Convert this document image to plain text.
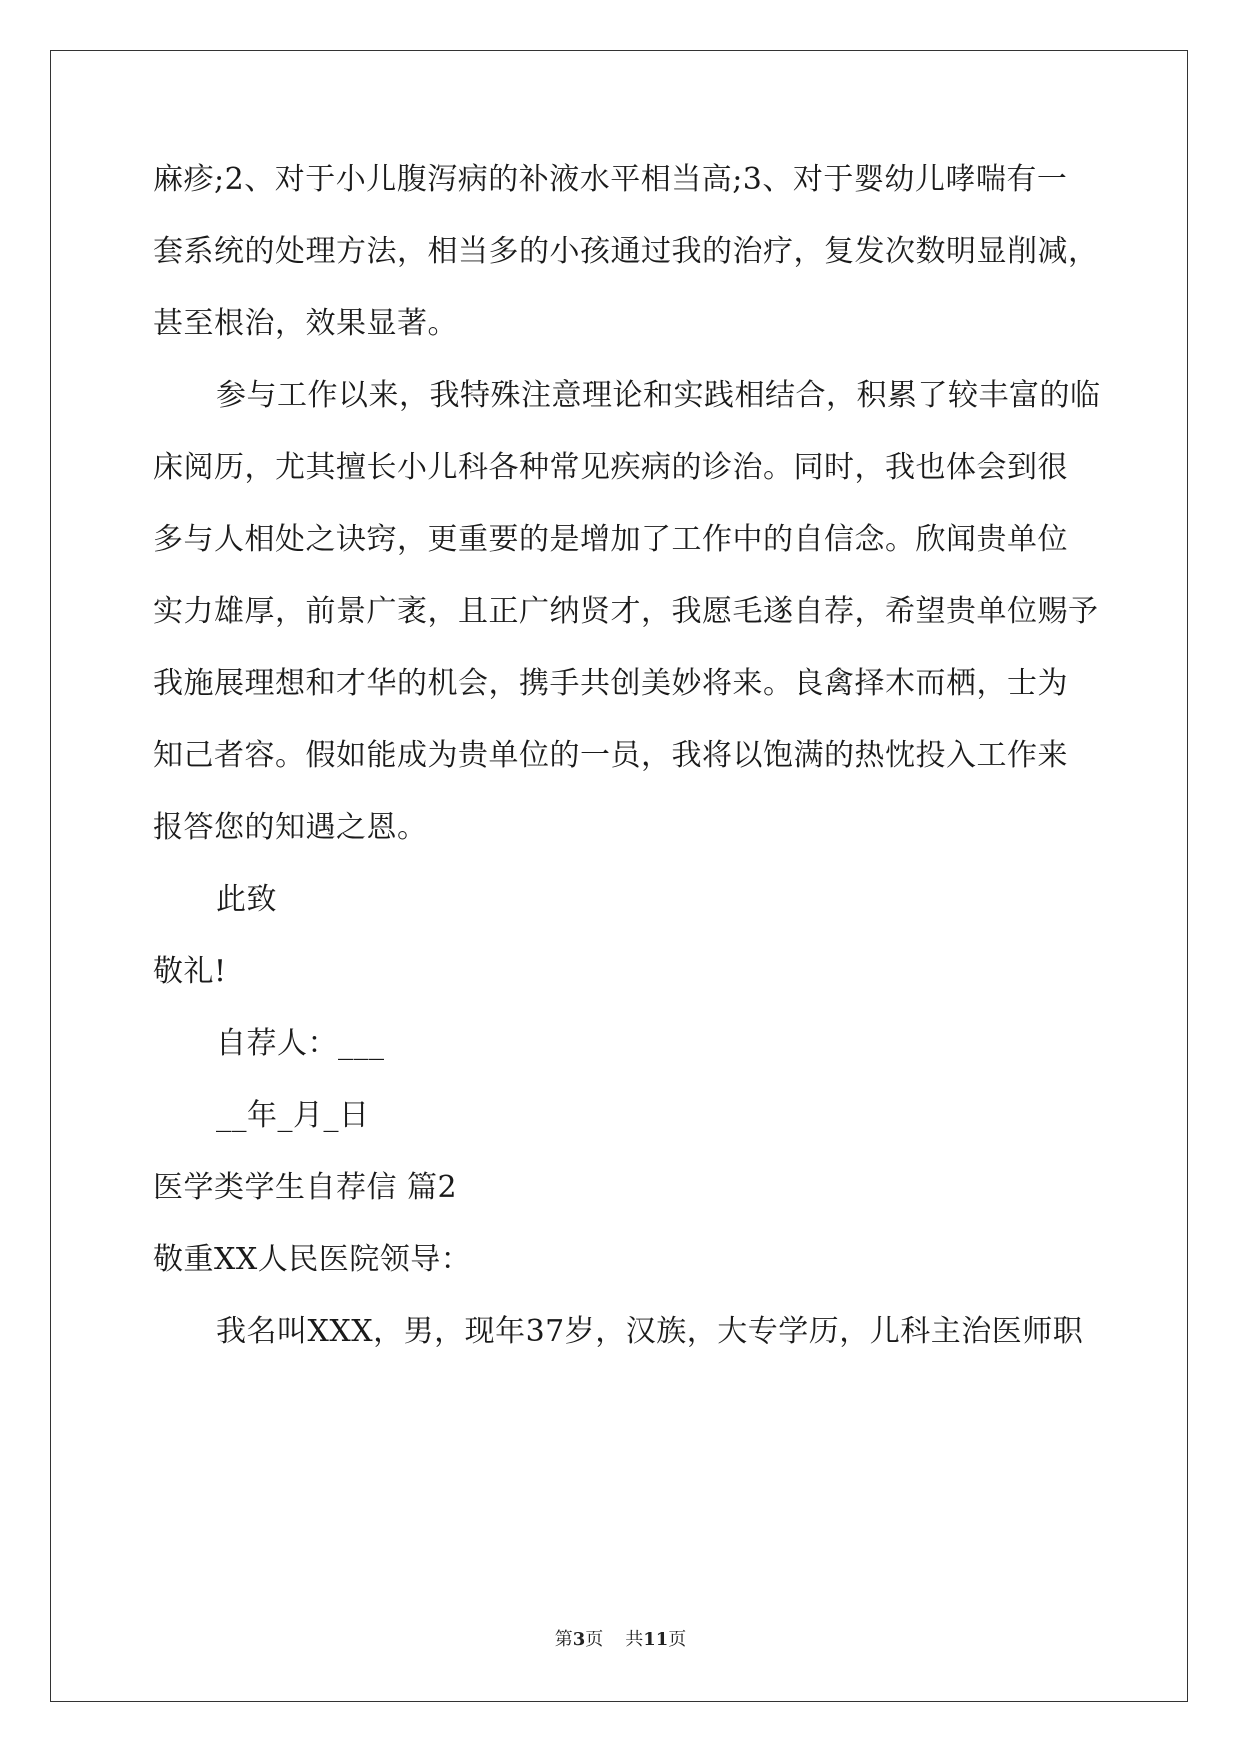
麻疹;2、对于小儿腹泻病的补液水平相当高;3、对于婴幼儿哮喘有一
套系统的处理方法，相当多的小孩通过我的治疗，复发次数明显削减，
甚至根治，效果显著。
参与工作以来，我特殊注意理论和实践相结合，积累了较丰富的临
床阅历，尤其擅长小儿科各种常见疾病的诊治。同时，我也体会到很
多与人相处之诀窍，更重要的是增加了工作中的自信念。欣闻贵单位
实力雄厚，前景广袤，且正广纳贤才，我愿毛遂自荐，希望贵单位赐予
我施展理想和才华的机会，携手共创美妙将来。良禽择木而栖，士为
知己者容。假如能成为贵单位的一员，我将以饱满的热忱投入工作来
报答您的知遇之恩。
此致
敬礼!
自荐人：___
__年_月_日
医学类学生自荐信 篇2
敬重XX人民医院领导：
我名叫XXX，男，现年37岁，汉族，大专学历，儿科主治医师职
第3页 共11页
